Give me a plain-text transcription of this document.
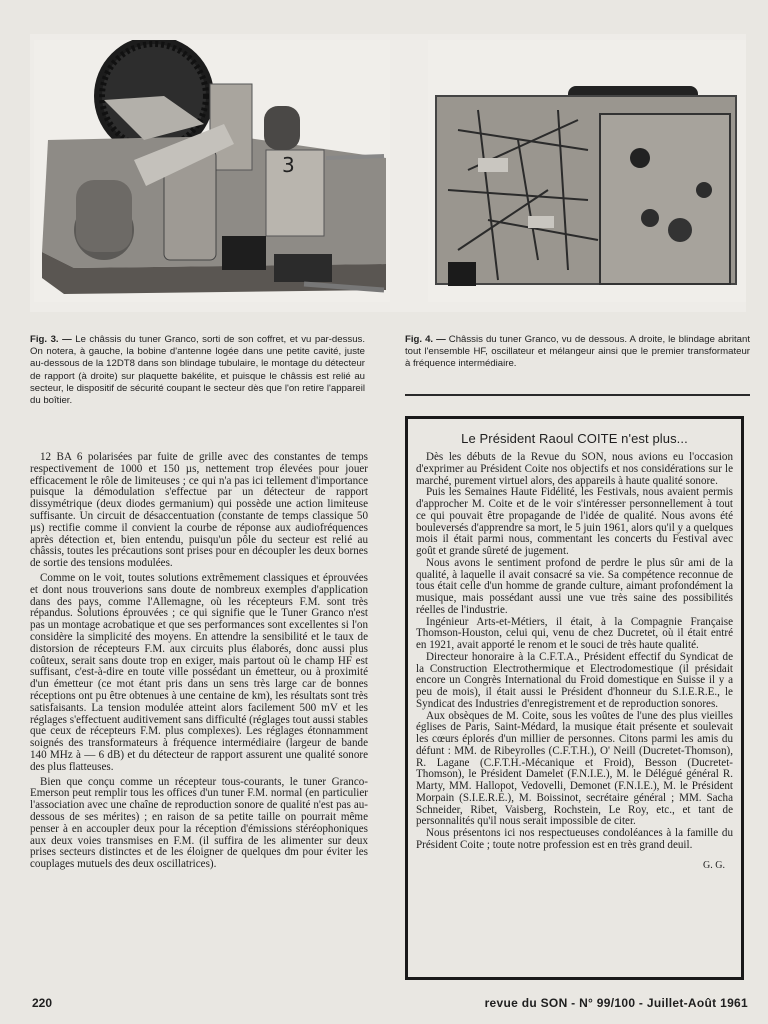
3
Fig. 3. — Le châssis du tuner Granco, sorti de son coffret, et vu par-dessus. On notera, à gauche, la bobine d'antenne logée dans une petite cavité, juste au-dessous de la 12DT8 dans son blindage tubulaire, le montage du détecteur de rapport (à droite) sur plaquette bakélite, et puisque le châssis est relié au secteur, le dispositif de sécurité coupant le secteur dès que l'on retire l'appareil du boîtier.
Fig. 4. — Châssis du tuner Granco, vu de dessous. A droite, le blindage abritant tout l'ensemble HF, oscillateur et mélangeur ainsi que le premier transformateur à fréquence intermédiaire.

12 BA 6 polarisées par fuite de grille avec des constantes de temps respectivement de 1000 et 150 µs, nettement trop élevées pour jouer efficacement le rôle de limiteuses ; ce qui n'a pas ici tellement d'importance puisque la démodulation s'effectue par un détecteur de rapport dissymétrique (deux diodes germanium) qui possède une action limiteuse suffisante. Un circuit de désaccentuation (constante de temps classique 50 µs) rectifie comme il convient la courbe de réponse aux audiofréquences après détection et, bien entendu, puisqu'un pôle du secteur est relié au châssis, toutes les précautions sont prises pour en découpler les deux bornes de sortie des tensions modulées.

Comme on le voit, toutes solutions extrêmement classiques et éprouvées et dont nous trouverions sans doute de nombreux exemples d'application dans des pays, comme l'Allemagne, où les récepteurs F.M. sont très répandus. Solutions éprouvées ; ce qui signifie que le Tuner Granco n'est pas un montage acrobatique et que ses performances sont excellentes si l'on considère la simplicité des moyens. En attendre la sensibilité et le taux de distorsion de récepteurs F.M. aux circuits plus élaborés, donc aussi plus coûteux, serait sans doute trop en exiger, mais partout où le champ HF est suffisant, c'est-à-dire en toute ville possédant un émetteur, ou à proximité d'un émetteur (ce mot étant pris dans un sens très large car de bonnes réceptions ont pu être obtenues à une centaine de km), les résultats sont très satisfaisants. La tension modulée atteint alors facilement 500 mV et les réglages s'effectuent auditivement sans difficulté (réglages tout aussi stables que ceux de récepteurs F.M. plus complexes). Les réglages étonnamment soignés des transformateurs à fréquence intermédiaire (largeur de bande 140 MHz à — 6 dB) et du détecteur de rapport assurent une qualité sonore des plus flatteuses.

Bien que conçu comme un récepteur tous-courants, le tuner Granco-Emerson peut remplir tous les offices d'un tuner F.M. normal (en particulier l'association avec une chaîne de reproduction sonore de qualité n'est pas au-dessous de ses mérites) ; en raison de sa petite taille on pourrait même penser à en accoupler deux pour la réception d'émissions stéréophoniques aux deux voies transmises en F.M. (il suffira de les alimenter sur deux prises secteurs distinctes et de les éloigner de quelques dm pour éviter les couplages mutuels des deux oscillatrices).

Le Président Raoul COITE n'est plus...

Dès les débuts de la Revue du SON, nous avions eu l'occasion d'exprimer au Président Coite nos objectifs et nos considérations sur le marché, purement virtuel alors, des appareils à haute qualité sonore.

Puis les Semaines Haute Fidélité, les Festivals, nous avaient permis d'approcher M. Coite et de le voir s'intéresser personnellement à tout ce qui pouvait être propagande de l'idée de qualité. Nous avons été bouleversés d'apprendre sa mort, le 5 juin 1961, alors qu'il y a quelques mois il était parmi nous, commentant les concerts du Festival avec goût et grande sûreté de jugement.

Nous avons le sentiment profond de perdre le plus sûr ami de la qualité, à laquelle il avait consacré sa vie. Sa compétence reconnue de tous était celle d'un homme de grande culture, aimant profondément la musique, mais possédant aussi une vue très saine des possibilités réelles de l'industrie.

Ingénieur Arts-et-Métiers, il était, à la Compagnie Française Thomson-Houston, celui qui, venu de chez Ducretet, où il était entré en 1921, avait apporté le renom et le souci de très haute qualité.

Directeur honoraire à la C.F.T.A., Président effectif du Syndicat de la Construction Electrothermique et Electrodomestique (il présidait encore un Congrès International du Froid domestique en Suisse il y a peu de mois), il était aussi le Président d'honneur du S.I.E.R.E., le Syndicat des Industries d'enregistrement et de reproduction sonores.

Aux obsèques de M. Coite, sous les voûtes de l'une des plus vieilles églises de Paris, Saint-Médard, la musique était présente et soulevait les cœurs éplorés d'un millier de personnes. Citons parmi les amis du défunt : MM. de Ribeyrolles (C.F.T.H.), O' Neill (Ducretet-Thomson), R. Lagane (C.F.T.H.-Mécanique et Froid), Besson (Ducretet-Thomson), le Président Damelet (F.N.I.E.), M. le Délégué général R. Marty, MM. Hallopot, Vedovelli, Demonet (F.N.I.E.), M. le Président Morpain (S.I.E.R.E.), M. Boissinot, secrétaire général ; MM. Sacha Schneider, Ribet, Vaisberg, Rochstein, Le Roy, etc., et tant de personnalités qu'il nous serait impossible de citer.

Nous présentons ici nos respectueuses condoléances à la famille du Président Coite ; toute notre profession est en très grand deuil.

G. G.

220	revue du SON - N° 99/100 - Juillet-Août 1961
